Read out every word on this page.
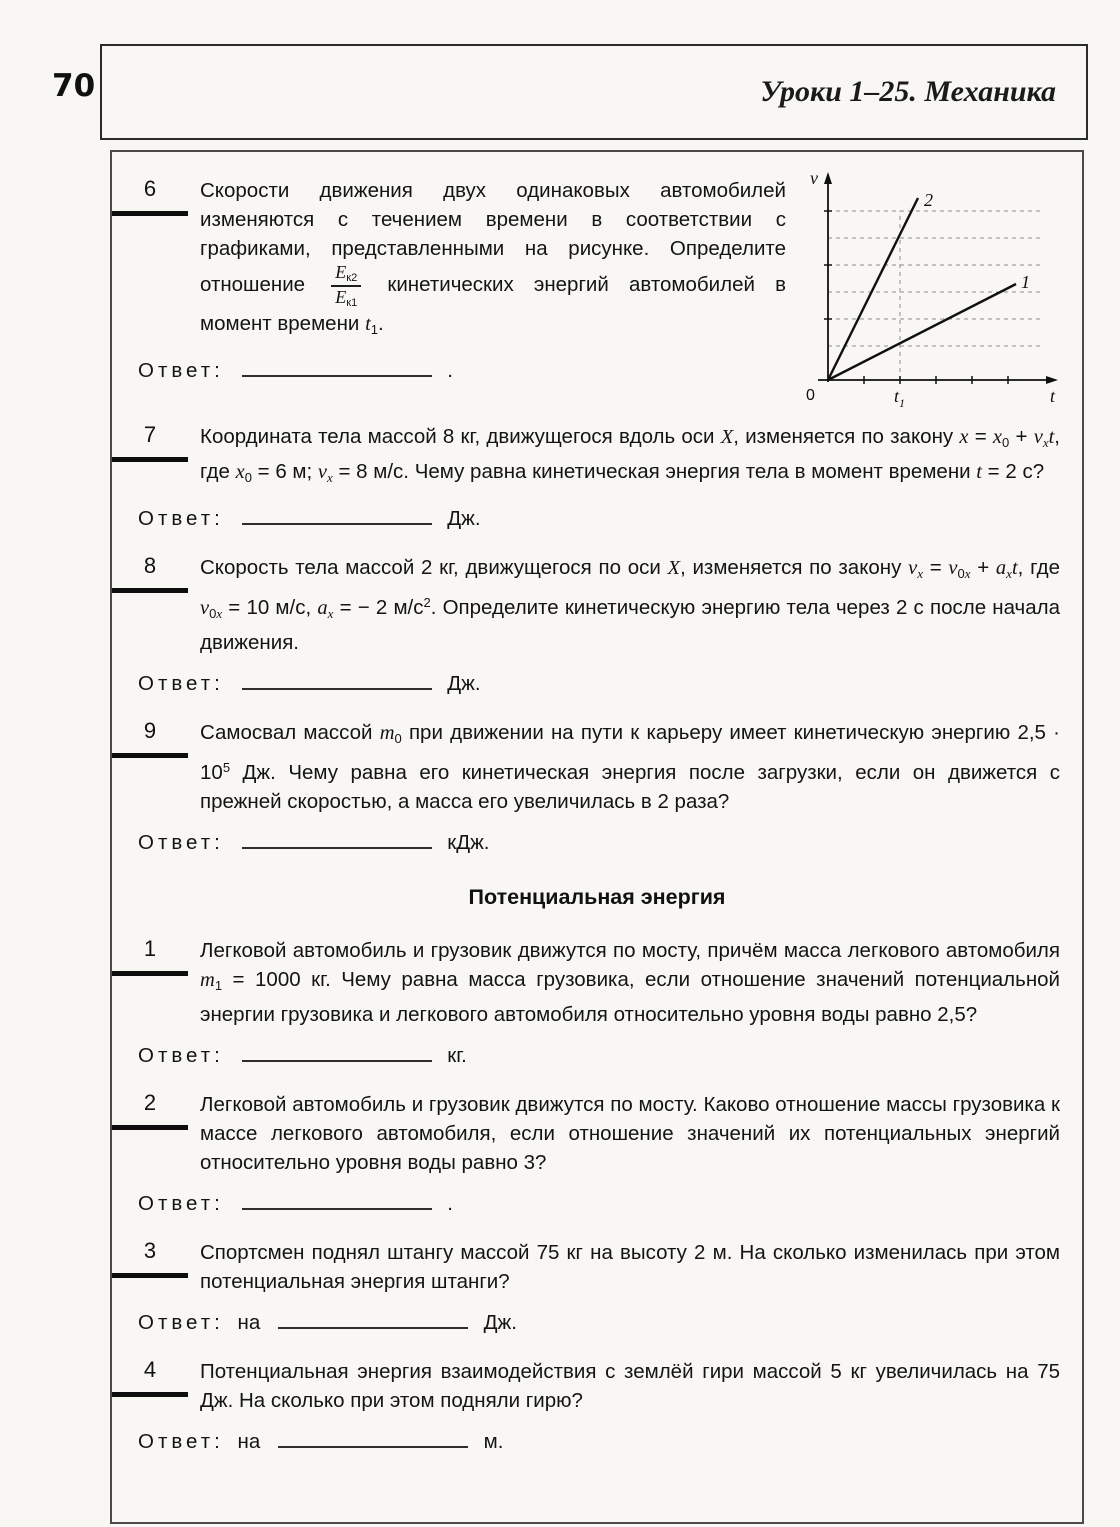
70	Уроки 1–25. Механика
6	Скорости движения двух одинаковых автомобилей изменяются с течением времени в соответствии с графиками, представленными на рисунке. Определите отношение $\frac{Eк2}{Eк1}$ кинетических энергий автомобилей в момент времени t1.
Ответ:	.
7	Координата тела массой 8 кг, движущегося вдоль оси X, изменяется по закону x = x0 + vxt, где x0 = 6 м; vx = 8 м/с. Чему равна кинетическая энергия тела в момент времени t = 2 с?
Ответ:	Дж.
8	Скорость тела массой 2 кг, движущегося по оси X, изменяется по закону vx = v0x + axt, где v0x = 10 м/с, ax = − 2 $м/с^2$. Определите кинетическую энергию тела через 2 с после начала движения.
Ответ:	Дж.
9	Самосвал массой m0 при движении на пути к карьеру имеет кинетическую энергию $2,5 \cdot 10^5$ Дж. Чему равна его кинетическая энергия после загрузки, если он движется с прежней скоростью, а масса его увеличилась в 2 раза?
Ответ:	кДж.
Потенциальная энергия
1	Легковой автомобиль и грузовик движутся по мосту, причём масса легкового автомобиля m1 = 1000 кг. Чему равна масса грузовика, если отношение значений потенциальной энергии грузовика и легкового автомобиля относительно уровня воды равно 2,5?
Ответ:	кг.
2	Легковой автомобиль и грузовик движутся по мосту. Каково отношение массы грузовика к массе легкового автомобиля, если отношение значений их потенциальных энергий относительно уровня воды равно 3?
Ответ:	.
3	Спортсмен поднял штангу массой 75 кг на высоту 2 м. На сколько изменилась при этом потенциальная энергия штанги?
Ответ: на	Дж.
4	Потенциальная энергия взаимодействия с землёй гири массой 5 кг увеличилась на 75 Дж. На сколько при этом подняли гирю?
Ответ: на	м.
v
t
0	$t_1$
2
1
